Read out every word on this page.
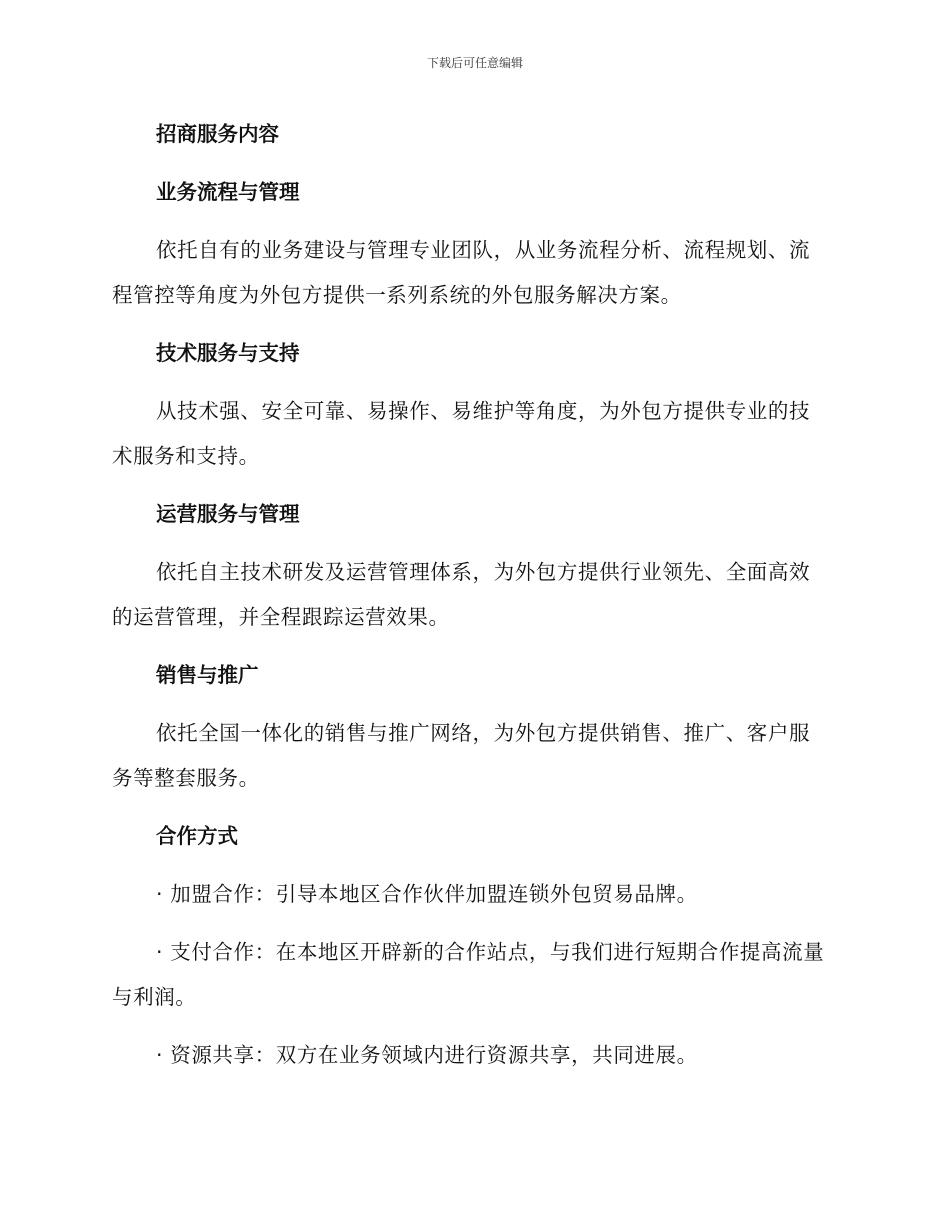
下载后可任意编辑

招商服务内容

业务流程与管理

依托自有的业务建设与管理专业团队，从业务流程分析、流程规划、流程管控等角度为外包方提供一系列系统的外包服务解决方案。

技术服务与支持

从技术强、安全可靠、易操作、易维护等角度，为外包方提供专业的技术服务和支持。

运营服务与管理

依托自主技术研发及运营管理体系，为外包方提供行业领先、全面高效的运营管理，并全程跟踪运营效果。

销售与推广

依托全国一体化的销售与推广网络，为外包方提供销售、推广、客户服务等整套服务。

合作方式

· 加盟合作：引导本地区合作伙伴加盟连锁外包贸易品牌。

· 支付合作：在本地区开辟新的合作站点，与我们进行短期合作提高流量与利润。

· 资源共享：双方在业务领域内进行资源共享，共同进展。
